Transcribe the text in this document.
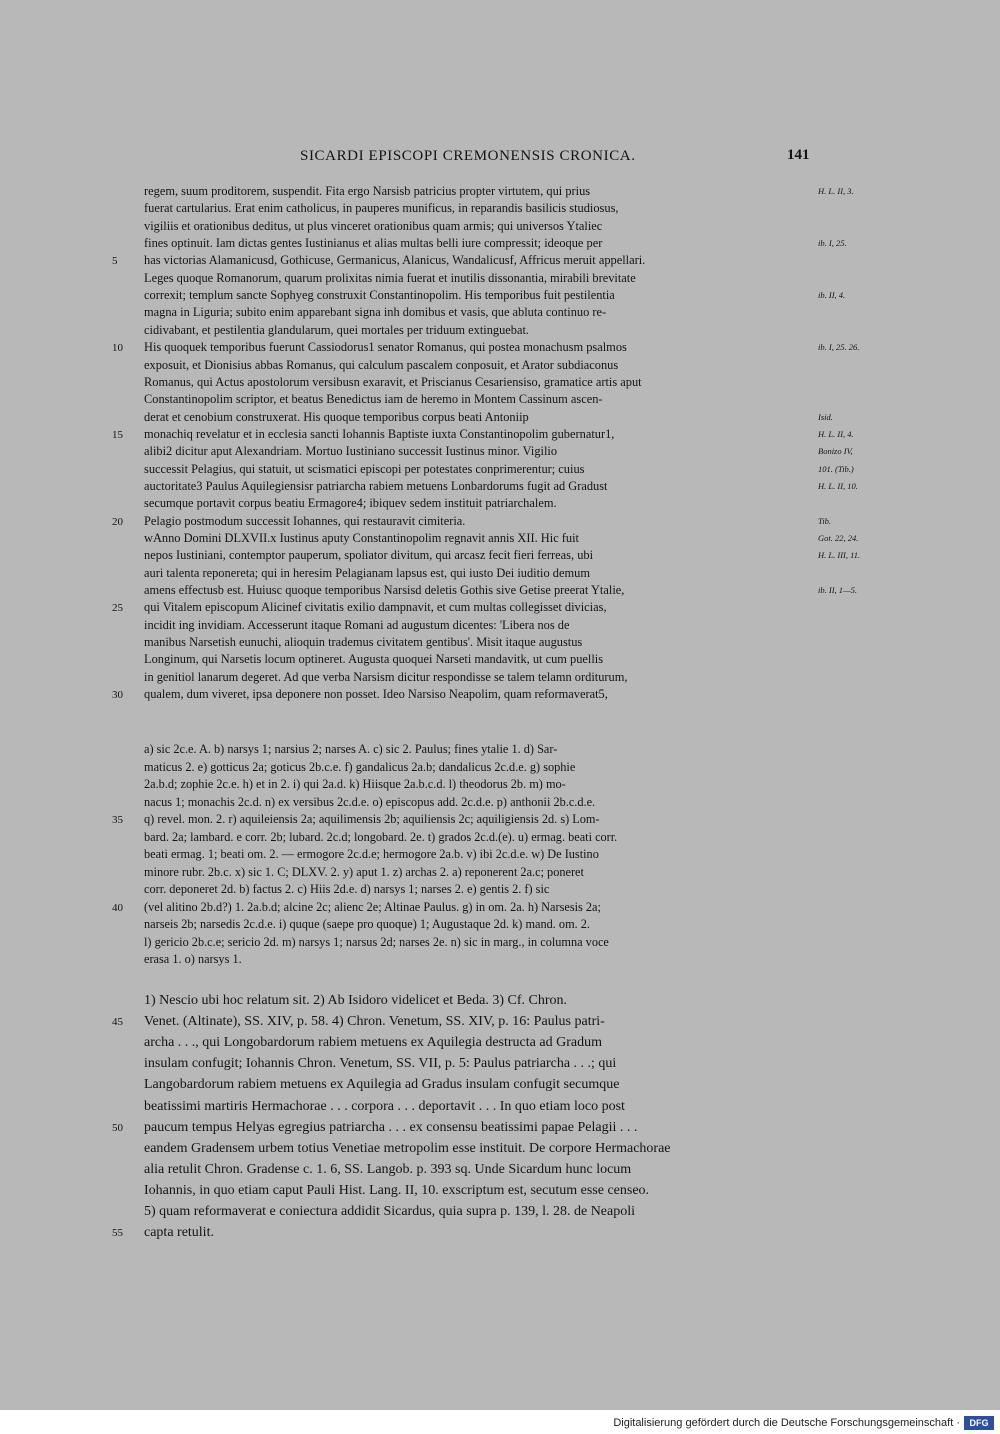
SICARDI EPISCOPI CREMONENSIS CRONICA.	141
regem, suum proditorem, suspendit. Fita ergo Narsisb patricius propter virtutem, qui prius	H. L. II, 3.
fuerat cartularius. Erat enim catholicus, in pauperes munificus, in reparandis basilicis studiosus,
vigiliis et orationibus deditus, ut plus vinceret orationibus quam armis; qui universos Ytaliec
fines optinuit. Iam dictas gentes Iustinianus et alias multas belli iure compressit; ideoque per	ib. I, 25.
5	has victorias Alamanicusd, Gothicuse, Germanicus, Alanicus, Wandalicusf, Affricus meruit appellari.
Leges quoque Romanorum, quarum prolixitas nimia fuerat et inutilis dissonantia, mirabili brevitate
correxit; templum sancte Sophyeg construxit Constantinopolim. His temporibus fuit pestilentia	ib. II, 4.
magna in Liguria; subito enim apparebant signa inh domibus et vasis, que abluta continuo re-
cidivabant, et pestilentia glandularum, quei mortales per triduum extinguebat.
10	His quoquek temporibus fuerunt Cassiodorus1 senator Romanus, qui postea monachusm psalmos	ib. I, 25. 26.
exposuit, et Dionisius abbas Romanus, qui calculum pascalem conposuit, et Arator subdiaconus
Romanus, qui Actus apostolorum versibusn exaravit, et Priscianus Cesariensiso, gramatice artis aput
Constantinopolim scriptor, et beatus Benedictus iam de heremo in Montem Cassinum ascen-
derat et cenobium construxerat. His quoque temporibus corpus beati Antoniip	Isid.
15	monachiq revelatur et in ecclesia sancti Iohannis Baptiste iuxta Constantinopolim gubernatur1,	H. L. II, 4.
alibi2 dicitur aput Alexandriam. Mortuo Iustiniano successit Iustinus minor. Vigilio	Bonizo IV,
successit Pelagius, qui statuit, ut scismatici episcopi per potestates conprimerentur; cuius	101. (Tib.)
auctoritate3 Paulus Aquilegiensisr patriarcha rabiem metuens Lonbardorums fugit ad Gradust	H. L. II, 10.
secumque portavit corpus beatiu Ermagore4; ibiquev sedem instituit patriarchalem.
20	Pelagio postmodum successit Iohannes, qui restauravit cimiteria.	Tib.
wAnno Domini DLXVII.x Iustinus aputy Constantinopolim regnavit annis XII. Hic fuit	Got. 22, 24.
nepos Iustiniani, contemptor pauperum, spoliator divitum, qui arcasz fecit fieri ferreas, ubi	H. L. III, 11.
auri talenta reponereta; qui in heresim Pelagianam lapsus est, qui iusto Dei iuditio demum
amens effectusb est. Huiusc quoque temporibus Narsisd deletis Gothis sive Getise preerat Ytalie,	ib. II, 1—5.
25	qui Vitalem episcopum Alicinef civitatis exilio dampnavit, et cum multas collegisset divicias,
incidit ing invidiam. Accesserunt itaque Romani ad augustum dicentes: 'Libera nos de
manibus Narsetish eunuchi, alioquin trademus civitatem gentibus'. Misit itaque augustus
Longinum, qui Narsetis locum optineret. Augusta quoquei Narseti mandavitk, ut cum puellis
in genitiol lanarum degeret. Ad que verba Narsism dicitur respondisse se talem telamn orditurum,
30	qualem, dum viveret, ipsa deponere non posset. Ideo Narsiso Neapolim, quam reformaverat5,
a) sic 2c.e. A. b) narsys 1; narsius 2; narses A. c) sic 2. Paulus; fines ytalie 1. d) Sar-
maticus 2. e) gotticus 2a; goticus 2b.c.e. f) gandalicus 2a.b; dandalicus 2c.d.e. g) sophie
2a.b.d; zophie 2c.e. h) et in 2. i) qui 2a.d. k) Hiisque 2a.b.c.d. l) theodorus 2b. m) mo-
nacus 1; monachis 2c.d. n) ex versibus 2c.d.e. o) episcopus add. 2c.d.e. p) anthonii 2b.c.d.e.
35	q) revel. mon. 2. r) aquileiensis 2a; aquilimensis 2b; aquiliensis 2c; aquiligiensis 2d. s) Lom-
bard. 2a; lambard. e corr. 2b; lubard. 2c.d; longobard. 2e. t) grados 2c.d.(e). u) ermag. beati corr.
beati ermag. 1; beati om. 2. — ermogore 2c.d.e; hermogore 2a.b. v) ibi 2c.d.e. w) De Iustino
minore rubr. 2b.c. x) sic 1. C; DLXV. 2. y) aput 1. z) archas 2. a) reponerent 2a.c; poneret
corr. deponeret 2d. b) factus 2. c) Hiis 2d.e. d) narsys 1; narses 2. e) gentis 2. f) sic
40	(vel alitino 2b.d?) 1. 2a.b.d; alcine 2c; alienc 2e; Altinae Paulus. g) in om. 2a. h) Narsesis 2a;
narseis 2b; narsedis 2c.d.e. i) quque (saepe pro quoque) 1; Augustaque 2d. k) mand. om. 2.
l) gericio 2b.c.e; sericio 2d. m) narsys 1; narsus 2d; narses 2e. n) sic in marg., in columna voce
erasa 1. o) narsys 1.
1) Nescio ubi hoc relatum sit. 2) Ab Isidoro videlicet et Beda. 3) Cf. Chron.
45	Venet. (Altinate), SS. XIV, p. 58. 4) Chron. Venetum, SS. XIV, p. 16: Paulus patri-
archa . . ., qui Longobardorum rabiem metuens ex Aquilegia destructa ad Gradum
insulam confugit; Iohannis Chron. Venetum, SS. VII, p. 5: Paulus patriarcha . . .; qui
Langobardorum rabiem metuens ex Aquilegia ad Gradus insulam confugit secumque
beatissimi martiris Hermachorae . . . corpora . . . deportavit . . . In quo etiam loco post
50	paucum tempus Helyas egregius patriarcha . . . ex consensu beatissimi papae Pelagii . . .
eandem Gradensem urbem totius Venetiae metropolim esse instituit. De corpore Hermachorae
alia retulit Chron. Gradense c. 1. 6, SS. Langob. p. 393 sq. Unde Sicardum hunc locum
Iohannis, in quo etiam caput Pauli Hist. Lang. II, 10. exscriptum est, secutum esse censeo.
5) quam reformaverat e coniectura addidit Sicardus, quia supra p. 139, l. 28. de Neapoli
55	capta retulit.
Digitalisierung gefördert durch die Deutsche Forschungsgemeinschaft ·	DFG
